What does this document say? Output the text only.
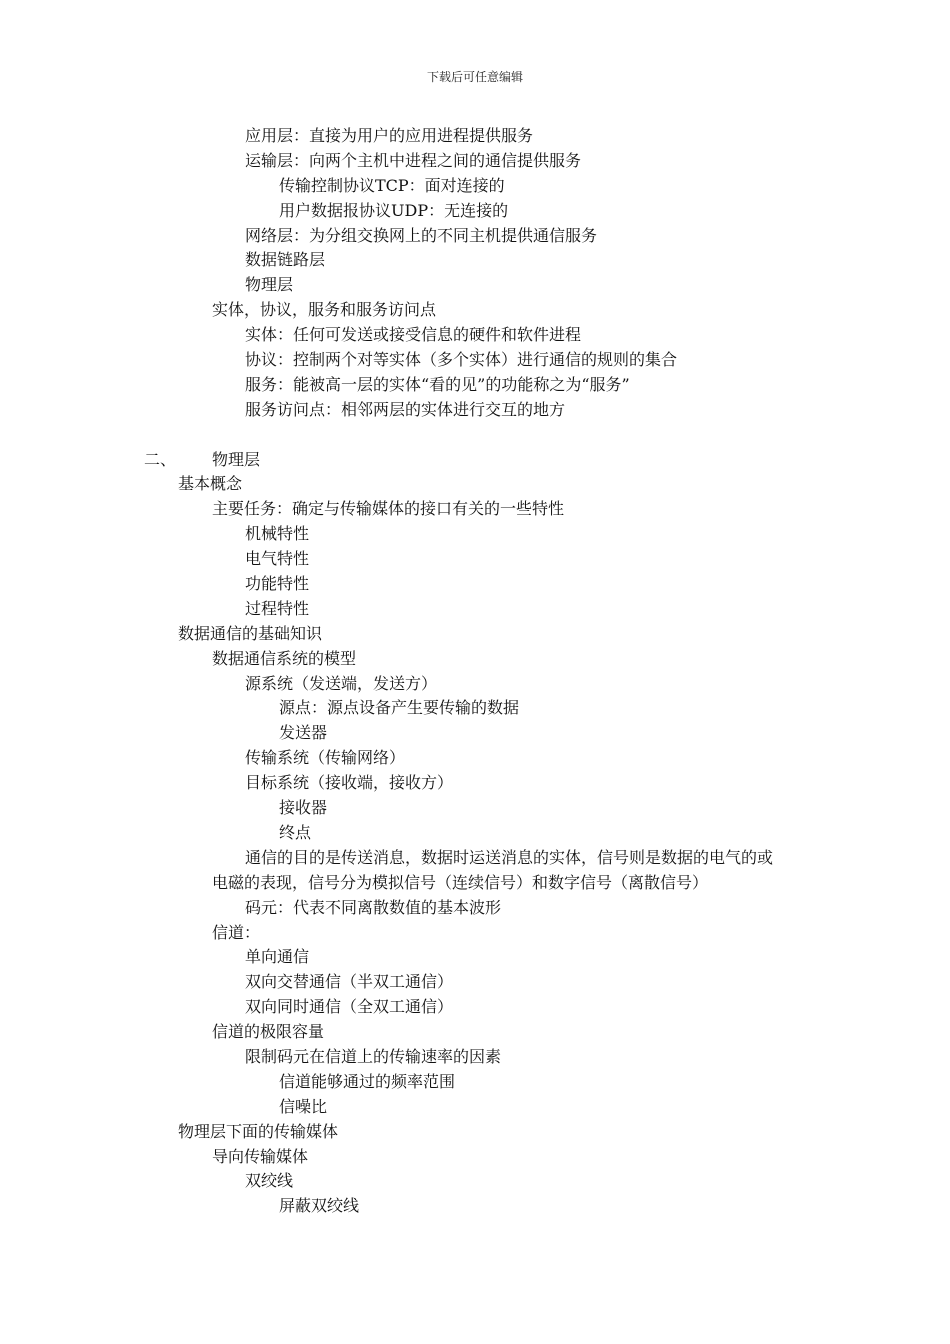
下载后可任意编辑
应用层：直接为用户的应用进程提供服务
运输层：向两个主机中进程之间的通信提供服务
传输控制协议TCP：面对连接的
用户数据报协议UDP：无连接的
网络层：为分组交换网上的不同主机提供通信服务
数据链路层
物理层
实体，协议，服务和服务访问点
实体：任何可发送或接受信息的硬件和软件进程
协议：控制两个对等实体（多个实体）进行通信的规则的集合
服务：能被高一层的实体“看的见”的功能称之为“服务”
服务访问点：相邻两层的实体进行交互的地方
二、 物理层
基本概念
主要任务：确定与传输媒体的接口有关的一些特性
机械特性
电气特性
功能特性
过程特性
数据通信的基础知识
数据通信系统的模型
源系统（发送端，发送方）
源点：源点设备产生要传输的数据
发送器
传输系统（传输网络）
目标系统（接收端，接收方）
接收器
终点
通信的目的是传送消息，数据时运送消息的实体，信号则是数据的电气的或
电磁的表现，信号分为模拟信号（连续信号）和数字信号（离散信号）
码元：代表不同离散数值的基本波形
信道：
单向通信
双向交替通信（半双工通信）
双向同时通信（全双工通信）
信道的极限容量
限制码元在信道上的传输速率的因素
信道能够通过的频率范围
信噪比
物理层下面的传输媒体
导向传输媒体
双绞线
屏蔽双绞线
